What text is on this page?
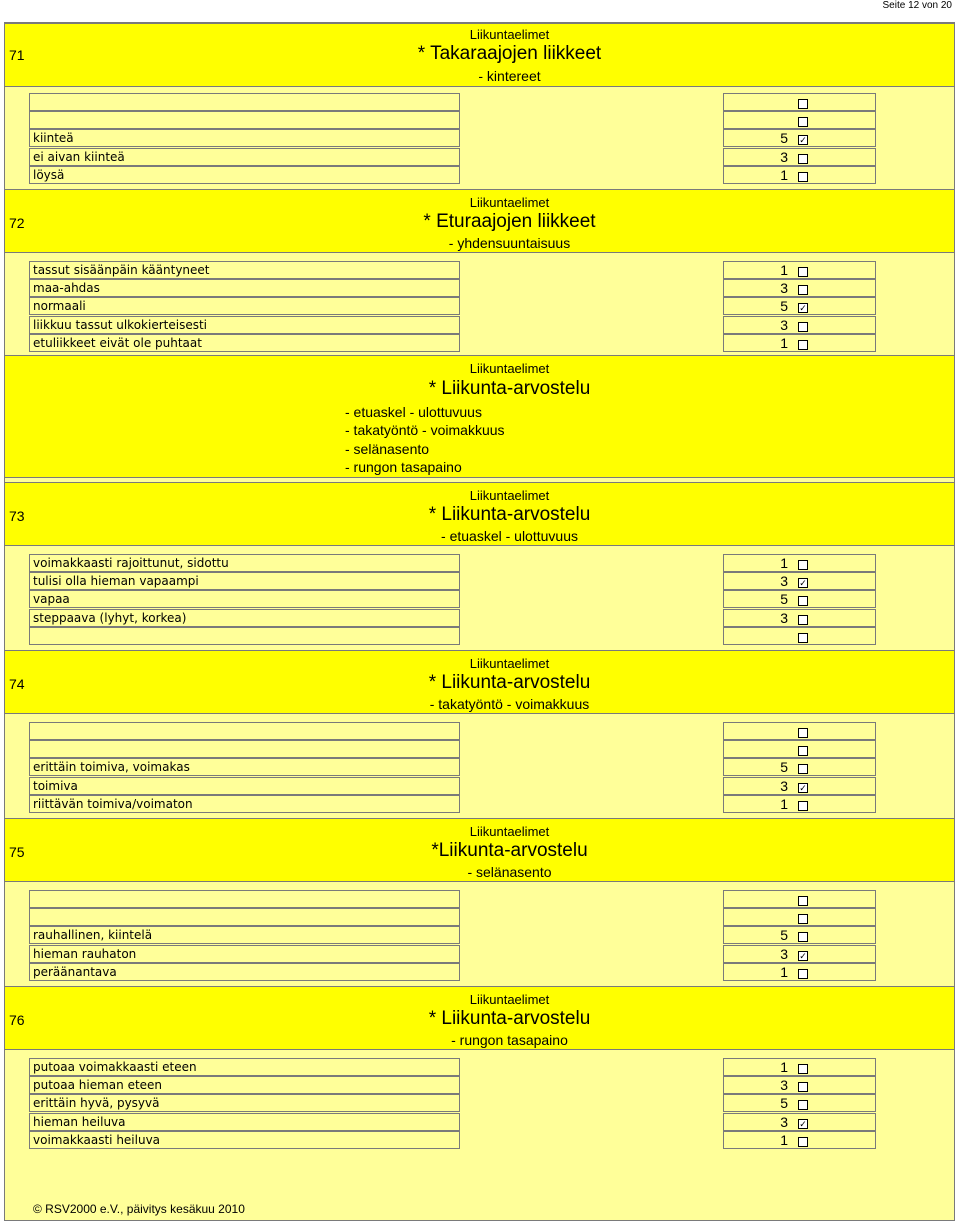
Seite 12 von 20
71
Liikuntaelimet
* Takaraajojen liikkeet
- kintereet
kiinteä	5 ✓
ei aivan kiinteä	3
löysä	1
72
Liikuntaelimet
* Eturaajojen liikkeet
- yhdensuuntaisuus
tassut sisäänpäin kääntyneet	1
maa-ahdas	3
normaali	5 ✓
liikkuu tassut ulkokierteisesti	3
etuliikkeet eivät ole puhtaat	1
Liikuntaelimet
* Liikunta-arvostelu
- etuaskel - ulottuvuus
- takatyöntö - voimakkuus
- selänasento
- rungon tasapaino
73
Liikuntaelimet
* Liikunta-arvostelu
- etuaskel - ulottuvuus
voimakkaasti rajoittunut, sidottu	1
tulisi olla hieman vapaampi	3 ✓
vapaa	5
steppaava (lyhyt, korkea)	3
74
Liikuntaelimet
* Liikunta-arvostelu
- takatyöntö - voimakkuus
erittäin toimiva, voimakas	5
toimiva	3 ✓
riittävän toimiva/voimaton	1
75
Liikuntaelimet
*Liikunta-arvostelu
- selänasento
rauhallinen, kiintelä	5
hieman rauhaton	3 ✓
peräänantava	1
76
Liikuntaelimet
* Liikunta-arvostelu
- rungon tasapaino
putoaa voimakkaasti eteen	1
putoaa hieman eteen	3
erittäin hyvä, pysyvä	5
hieman heiluva	3 ✓
voimakkaasti heiluva	1
© RSV2000 e.V., päivitys kesäkuu 2010
